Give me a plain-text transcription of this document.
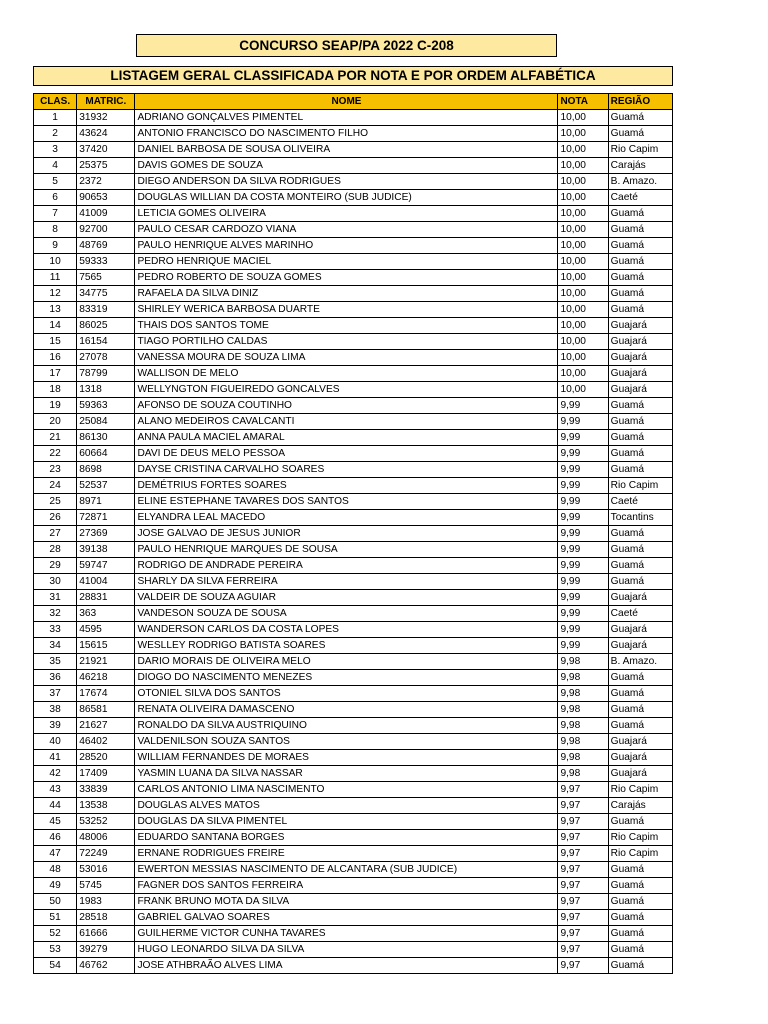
CONCURSO SEAP/PA 2022 C-208
LISTAGEM GERAL CLASSIFICADA POR NOTA E POR ORDEM ALFABÉTICA
CLAS.	MATRIC.	NOME	NOTA	REGIÃO
1	31932	ADRIANO GONÇALVES PIMENTEL	10,00	Guamá
2	43624	ANTONIO FRANCISCO DO NASCIMENTO FILHO	10,00	Guamá
3	37420	DANIEL BARBOSA DE SOUSA OLIVEIRA	10,00	Rio Capim
4	25375	DAVIS GOMES DE SOUZA	10,00	Carajás
5	2372	DIEGO ANDERSON DA SILVA RODRIGUES	10,00	B. Amazo.
6	90653	DOUGLAS WILLIAN DA COSTA MONTEIRO (SUB JUDICE)	10,00	Caeté
7	41009	LETICIA GOMES OLIVEIRA	10,00	Guamá
8	92700	PAULO CESAR CARDOZO VIANA	10,00	Guamá
9	48769	PAULO HENRIQUE ALVES MARINHO	10,00	Guamá
10	59333	PEDRO HENRIQUE MACIEL	10,00	Guamá
11	7565	PEDRO ROBERTO DE SOUZA GOMES	10,00	Guamá
12	34775	RAFAELA DA SILVA DINIZ	10,00	Guamá
13	83319	SHIRLEY WERICA BARBOSA DUARTE	10,00	Guamá
14	86025	THAIS DOS SANTOS TOME	10,00	Guajará
15	16154	TIAGO PORTILHO CALDAS	10,00	Guajará
16	27078	VANESSA MOURA DE SOUZA LIMA	10,00	Guajará
17	78799	WALLISON DE MELO	10,00	Guajará
18	1318	WELLYNGTON FIGUEIREDO GONCALVES	10,00	Guajará
19	59363	AFONSO DE SOUZA COUTINHO	9,99	Guamá
20	25084	ALANO MEDEIROS CAVALCANTI	9,99	Guamá
21	86130	ANNA PAULA MACIEL AMARAL	9,99	Guamá
22	60664	DAVI DE DEUS MELO PESSOA	9,99	Guamá
23	8698	DAYSE CRISTINA CARVALHO SOARES	9,99	Guamá
24	52537	DEMÉTRIUS FORTES SOARES	9,99	Rio Capim
25	8971	ELINE ESTEPHANE TAVARES DOS SANTOS	9,99	Caeté
26	72871	ELYANDRA LEAL MACEDO	9,99	Tocantins
27	27369	JOSE GALVAO DE JESUS JUNIOR	9,99	Guamá
28	39138	PAULO HENRIQUE MARQUES DE SOUSA	9,99	Guamá
29	59747	RODRIGO DE ANDRADE PEREIRA	9,99	Guamá
30	41004	SHARLY DA SILVA FERREIRA	9,99	Guamá
31	28831	VALDEIR DE SOUZA AGUIAR	9,99	Guajará
32	363	VANDESON SOUZA DE SOUSA	9,99	Caeté
33	4595	WANDERSON CARLOS DA COSTA LOPES	9,99	Guajará
34	15615	WESLLEY RODRIGO BATISTA SOARES	9,99	Guajará
35	21921	DARIO MORAIS DE OLIVEIRA MELO	9,98	B. Amazo.
36	46218	DIOGO DO NASCIMENTO MENEZES	9,98	Guamá
37	17674	OTONIEL SILVA DOS SANTOS	9,98	Guamá
38	86581	RENATA OLIVEIRA DAMASCENO	9,98	Guamá
39	21627	RONALDO DA SILVA AUSTRIQUINO	9,98	Guamá
40	46402	VALDENILSON SOUZA SANTOS	9,98	Guajará
41	28520	WILLIAM FERNANDES DE MORAES	9,98	Guajará
42	17409	YASMIN LUANA DA SILVA NASSAR	9,98	Guajará
43	33839	CARLOS ANTONIO LIMA NASCIMENTO	9,97	Rio Capim
44	13538	DOUGLAS ALVES MATOS	9,97	Carajás
45	53252	DOUGLAS DA SILVA PIMENTEL	9,97	Guamá
46	48006	EDUARDO SANTANA BORGES	9,97	Rio Capim
47	72249	ERNANE RODRIGUES FREIRE	9,97	Rio Capim
48	53016	EWERTON MESSIAS NASCIMENTO DE ALCANTARA (SUB JUDICE)	9,97	Guamá
49	5745	FAGNER DOS SANTOS FERREIRA	9,97	Guamá
50	1983	FRANK BRUNO MOTA DA SILVA	9,97	Guamá
51	28518	GABRIEL GALVAO SOARES	9,97	Guamá
52	61666	GUILHERME VICTOR CUNHA TAVARES	9,97	Guamá
53	39279	HUGO LEONARDO SILVA DA SILVA	9,97	Guamá
54	46762	JOSE ATHBRAÃO ALVES LIMA	9,97	Guamá
